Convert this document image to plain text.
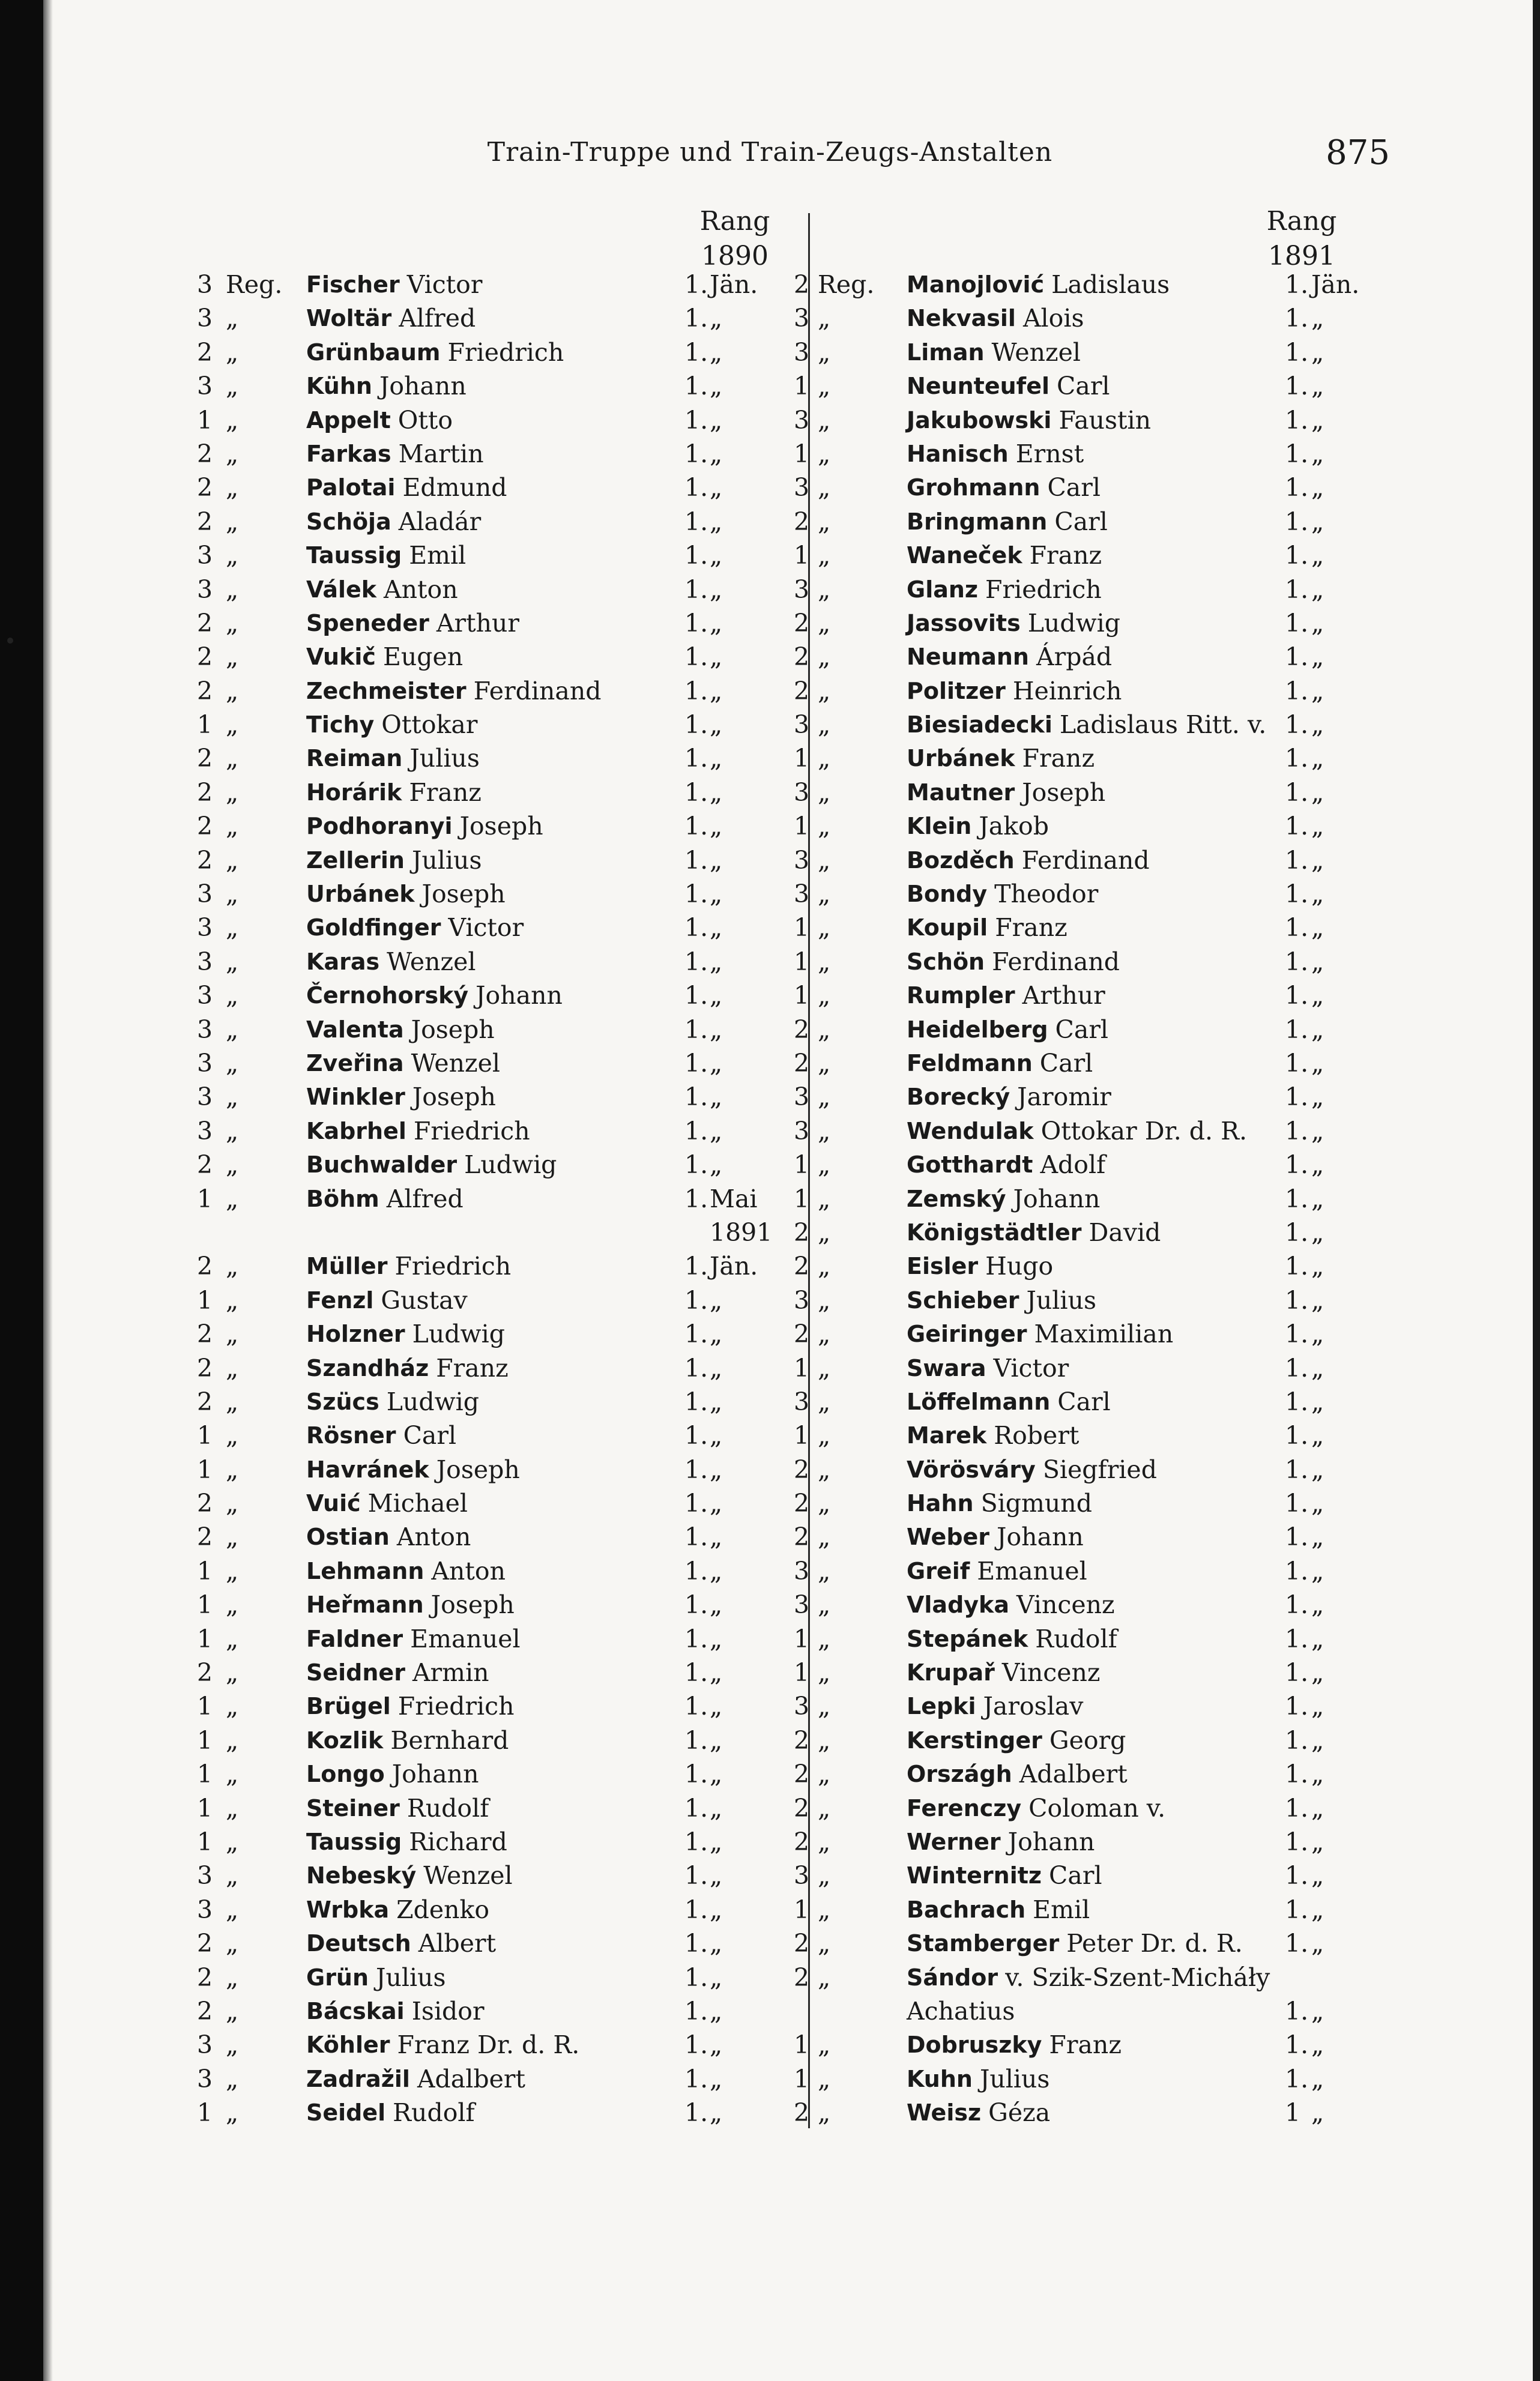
Train-Truppe und Train-Zeugs-Anstalten	875
Rang
1890
Rang
1891
3 Reg. Fischer Victor	1. Jän.
3 „	Woltär Alfred	1. „
2 „	Grünbaum Friedrich	1. „
3 „	Kühn Johann	1. „
1 „	Appelt Otto	1. „
2 „	Farkas Martin	1. „
2 „	Palotai Edmund	1. „
2 „	Schöja Aladár	1. „
3 „	Taussig Emil	1. „
3 „	Válek Anton	1. „
2 „	Speneder Arthur	1. „
2 „	Vukič Eugen	1. „
2 „	Zechmeister Ferdinand	1. „
1 „	Tichy Ottokar	1. „
2 „	Reiman Julius	1. „
2 „	Horárik Franz	1. „
2 „	Podhoranyi Joseph	1. „
2 „	Zellerin Julius	1. „
3 „	Urbánek Joseph	1. „
3 „	Goldfinger Victor	1. „
3 „	Karas Wenzel	1. „
3 „	Černohorský Johann	1. „
3 „	Valenta Joseph	1. „
3 „	Zveřina Wenzel	1. „
3 „	Winkler Joseph	1. „
3 „	Kabrhel Friedrich	1. „
2 „	Buchwalder Ludwig	1. „
1 „	Böhm Alfred	1. Mai
1891
2 „	Müller Friedrich	1. Jän.
1 „	Fenzl Gustav	1. „
2 „	Holzner Ludwig	1. „
2 „	Szandház Franz	1. „
2 „	Szücs Ludwig	1. „
1 „	Rösner Carl	1. „
1 „	Havránek Joseph	1. „
2 „	Vuić Michael	1. „
2 „	Ostian Anton	1. „
1 „	Lehmann Anton	1. „
1 „	Heřmann Joseph	1. „
1 „	Faldner Emanuel	1. „
2 „	Seidner Armin	1. „
1 „	Brügel Friedrich	1. „
1 „	Kozlik Bernhard	1. „
1 „	Longo Johann	1. „
1 „	Steiner Rudolf	1. „
1 „	Taussig Richard	1. „
3 „	Nebeský Wenzel	1. „
3 „	Wrbka Zdenko	1. „
2 „	Deutsch Albert	1. „
2 „	Grün Julius	1. „
2 „	Bácskai Isidor	1. „
3 „	Köhler Franz Dr. d. R.	1. „
3 „	Zadražil Adalbert	1. „
1 „	Seidel Rudolf	1. „
2 Reg. Manojlović Ladislaus	1. Jän.
3 „	Nekvasil Alois	1. „
3 „	Liman Wenzel	1. „
1 „	Neunteufel Carl	1. „
3 „	Jakubowski Faustin	1. „
1 „	Hanisch Ernst	1. „
3 „	Grohmann Carl	1. „
2 „	Bringmann Carl	1. „
1 „	Waneček Franz	1. „
3 „	Glanz Friedrich	1. „
2 „	Jassovits Ludwig	1. „
2 „	Neumann Árpád	1. „
2 „	Politzer Heinrich	1. „
3 „	Biesiadecki Ladislaus Ritt. v. 1. „
1 „	Urbánek Franz	1. „
3 „	Mautner Joseph	1. „
1 „	Klein Jakob	1. „
3 „	Bozděch Ferdinand	1. „
3 „	Bondy Theodor	1. „
1 „	Koupil Franz	1. „
1 „	Schön Ferdinand	1. „
1 „	Rumpler Arthur	1. „
2 „	Heidelberg Carl	1. „
2 „	Feldmann Carl	1. „
3 „	Borecký Jaromir	1. „
3 „	Wendulak Ottokar Dr. d. R. 1. „
1 „	Gotthardt Adolf	1. „
1 „	Zemský Johann	1. „
2 „	Königstädtler David	1. „
2 „	Eisler Hugo	1. „
3 „	Schieber Julius	1. „
2 „	Geiringer Maximilian	1. „
1 „	Swara Victor	1. „
3 „	Löffelmann Carl	1. „
1 „	Marek Robert	1. „
2 „	Vörösváry Siegfried	1. „
2 „	Hahn Sigmund	1. „
2 „	Weber Johann	1. „
3 „	Greif Emanuel	1. „
3 „	Vladyka Vincenz	1. „
1 „	Stepánek Rudolf	1. „
1 „	Krupař Vincenz	1. „
3 „	Lepki Jaroslav	1. „
2 „	Kerstinger Georg	1. „
2 „	Országh Adalbert	1. „
2 „	Ferenczy Coloman v.	1. „
2 „	Werner Johann	1. „
3 „	Winternitz Carl	1. „
1 „	Bachrach Emil	1. „
2 „	Stamberger Peter Dr. d. R. 1. „
2 „	Sándor v. Szik-Szent-Micháły
Achatius	1. „
1 „	Dobruszky Franz	1. „
1 „	Kuhn Julius	1. „
2 „	Weisz Géza	1 „
